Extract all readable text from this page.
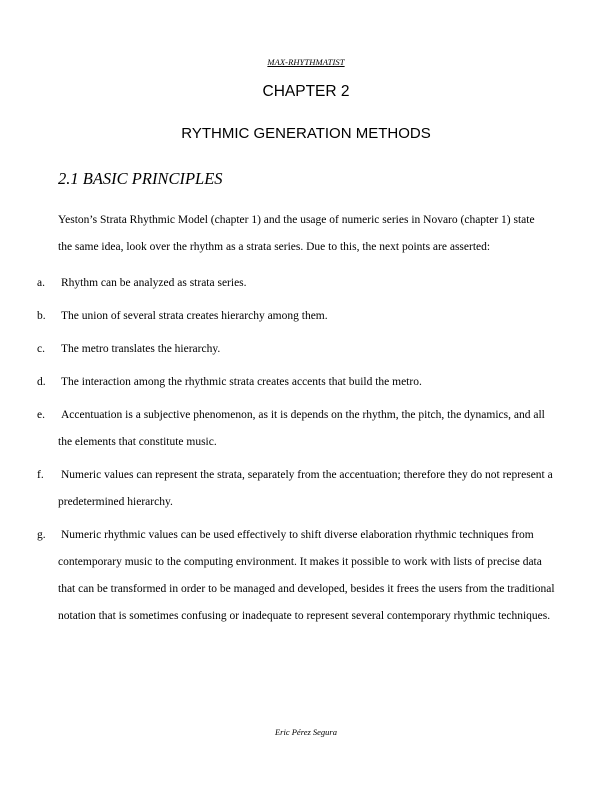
MAX-RHYTHMATIST
CHAPTER 2
RYTHMIC GENERATION METHODS
2.1 BASIC PRINCIPLES
Yeston’s Strata Rhythmic Model (chapter 1) and the usage of numeric series in Novaro (chapter 1) state
the same idea, look over the rhythm as a strata series. Due to this, the next points are asserted:
a. Rhythm can be analyzed as strata series.
b. The union of several strata creates hierarchy among them.
c. The metro translates the hierarchy.
d. The interaction among the rhythmic strata creates accents that build the metro.
e. Accentuation is a subjective phenomenon, as it is depends on the rhythm, the pitch, the dynamics, and all the elements that constitute music.
f. Numeric values can represent the strata, separately from the accentuation; therefore they do not represent a predetermined hierarchy.
g. Numeric rhythmic values can be used effectively to shift diverse elaboration rhythmic techniques from contemporary music to the computing environment. It makes it possible to work with lists of precise data that can be transformed in order to be managed and developed, besides it frees the users from the traditional notation that is sometimes confusing or inadequate to represent several contemporary rhythmic techniques.
Eric Pérez Segura
